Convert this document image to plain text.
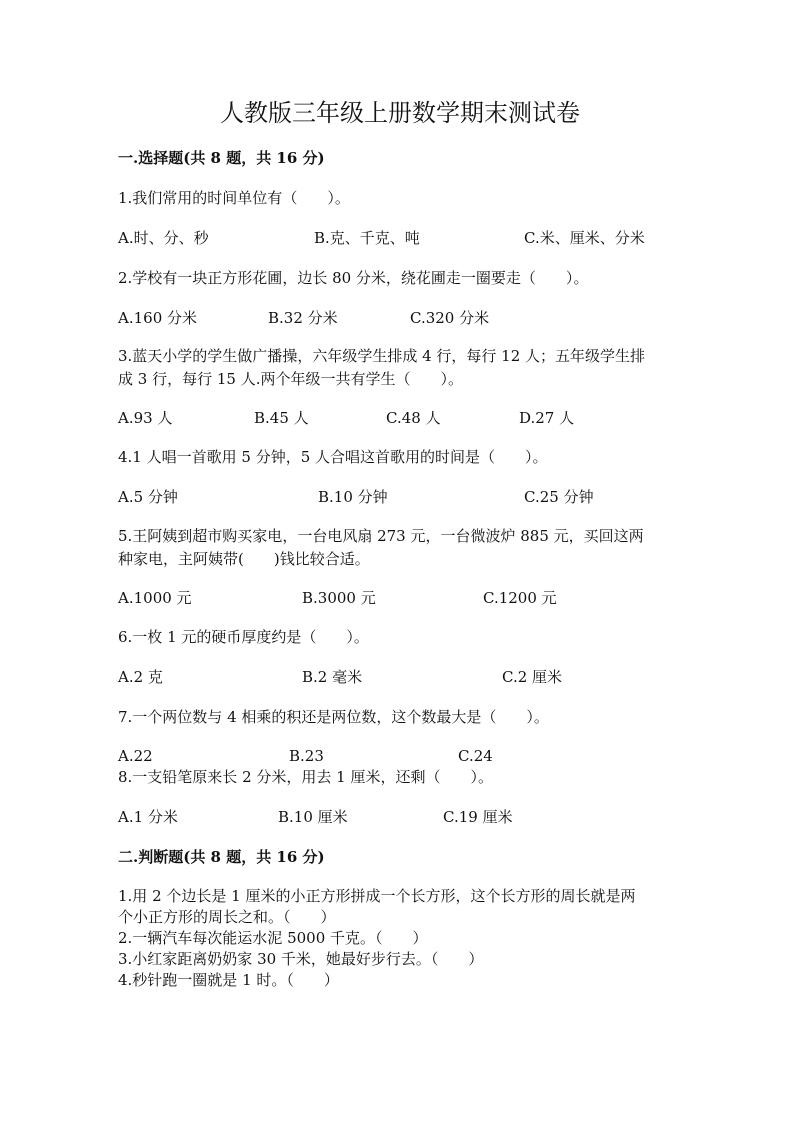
人教版三年级上册数学期末测试卷
一.选择题(共 8 题，共 16 分)
1.我们常用的时间单位有（　　）。
A.时、分、秒	B.克、千克、吨	C.米、厘米、分米
2.学校有一块正方形花圃，边长 80 分米，绕花圃走一圈要走（　　）。
A.160 分米	B.32 分米	C.320 分米
3.蓝天小学的学生做广播操，六年级学生排成 4 行，每行 12 人；五年级学生排
成 3 行，每行 15 人.两个年级一共有学生（　　）。
A.93 人	B.45 人	C.48 人	D.27 人
4.1 人唱一首歌用 5 分钟，5 人合唱这首歌用的时间是（　　）。
A.5 分钟	B.10 分钟	C.25 分钟
5.王阿姨到超市购买家电，一台电风扇 273 元，一台微波炉 885 元，买回这两
种家电，主阿姨带(　　)钱比较合适。
A.1000 元	B.3000 元	C.1200 元
6.一枚 1 元的硬币厚度约是（　　）。
A.2 克	B.2 毫米	C.2 厘米
7.一个两位数与 4 相乘的积还是两位数，这个数最大是（　　）。
A.22	B.23	C.24
8.一支铅笔原来长 2 分米，用去 1 厘米，还剩（　　）。
A.1 分米	B.10 厘米	C.19 厘米
二.判断题(共 8 题，共 16 分)
1.用 2 个边长是 1 厘米的小正方形拼成一个长方形，这个长方形的周长就是两
个小正方形的周长之和。（　　）
2.一辆汽车每次能运水泥 5000 千克。（　　）
3.小红家距离奶奶家 30 千米，她最好步行去。（　　）
4.秒针跑一圈就是 1 时。（　　）
